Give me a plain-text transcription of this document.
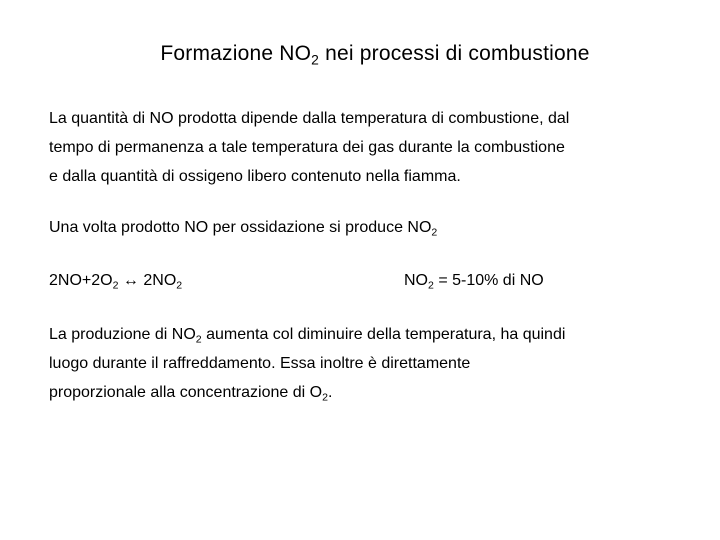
Formazione $NO_2$ nei processi di combustione
La quantità di NO prodotta dipende dalla temperatura di combustione, dal
tempo di permanenza a tale temperatura dei gas durante la combustione
e dalla quantità di ossigeno libero contenuto nella fiamma.
Una volta prodotto NO per ossidazione si produce $NO_2$
$2NO+2O_2$ ↔ $2NO_2$	$NO_2 = 5-10\%$ di NO
La produzione di $NO_2$ aumenta col diminuire della temperatura, ha quindi
luogo durante il raffreddamento. Essa inoltre è direttamente
proporzionale alla concentrazione di $O_2$.
